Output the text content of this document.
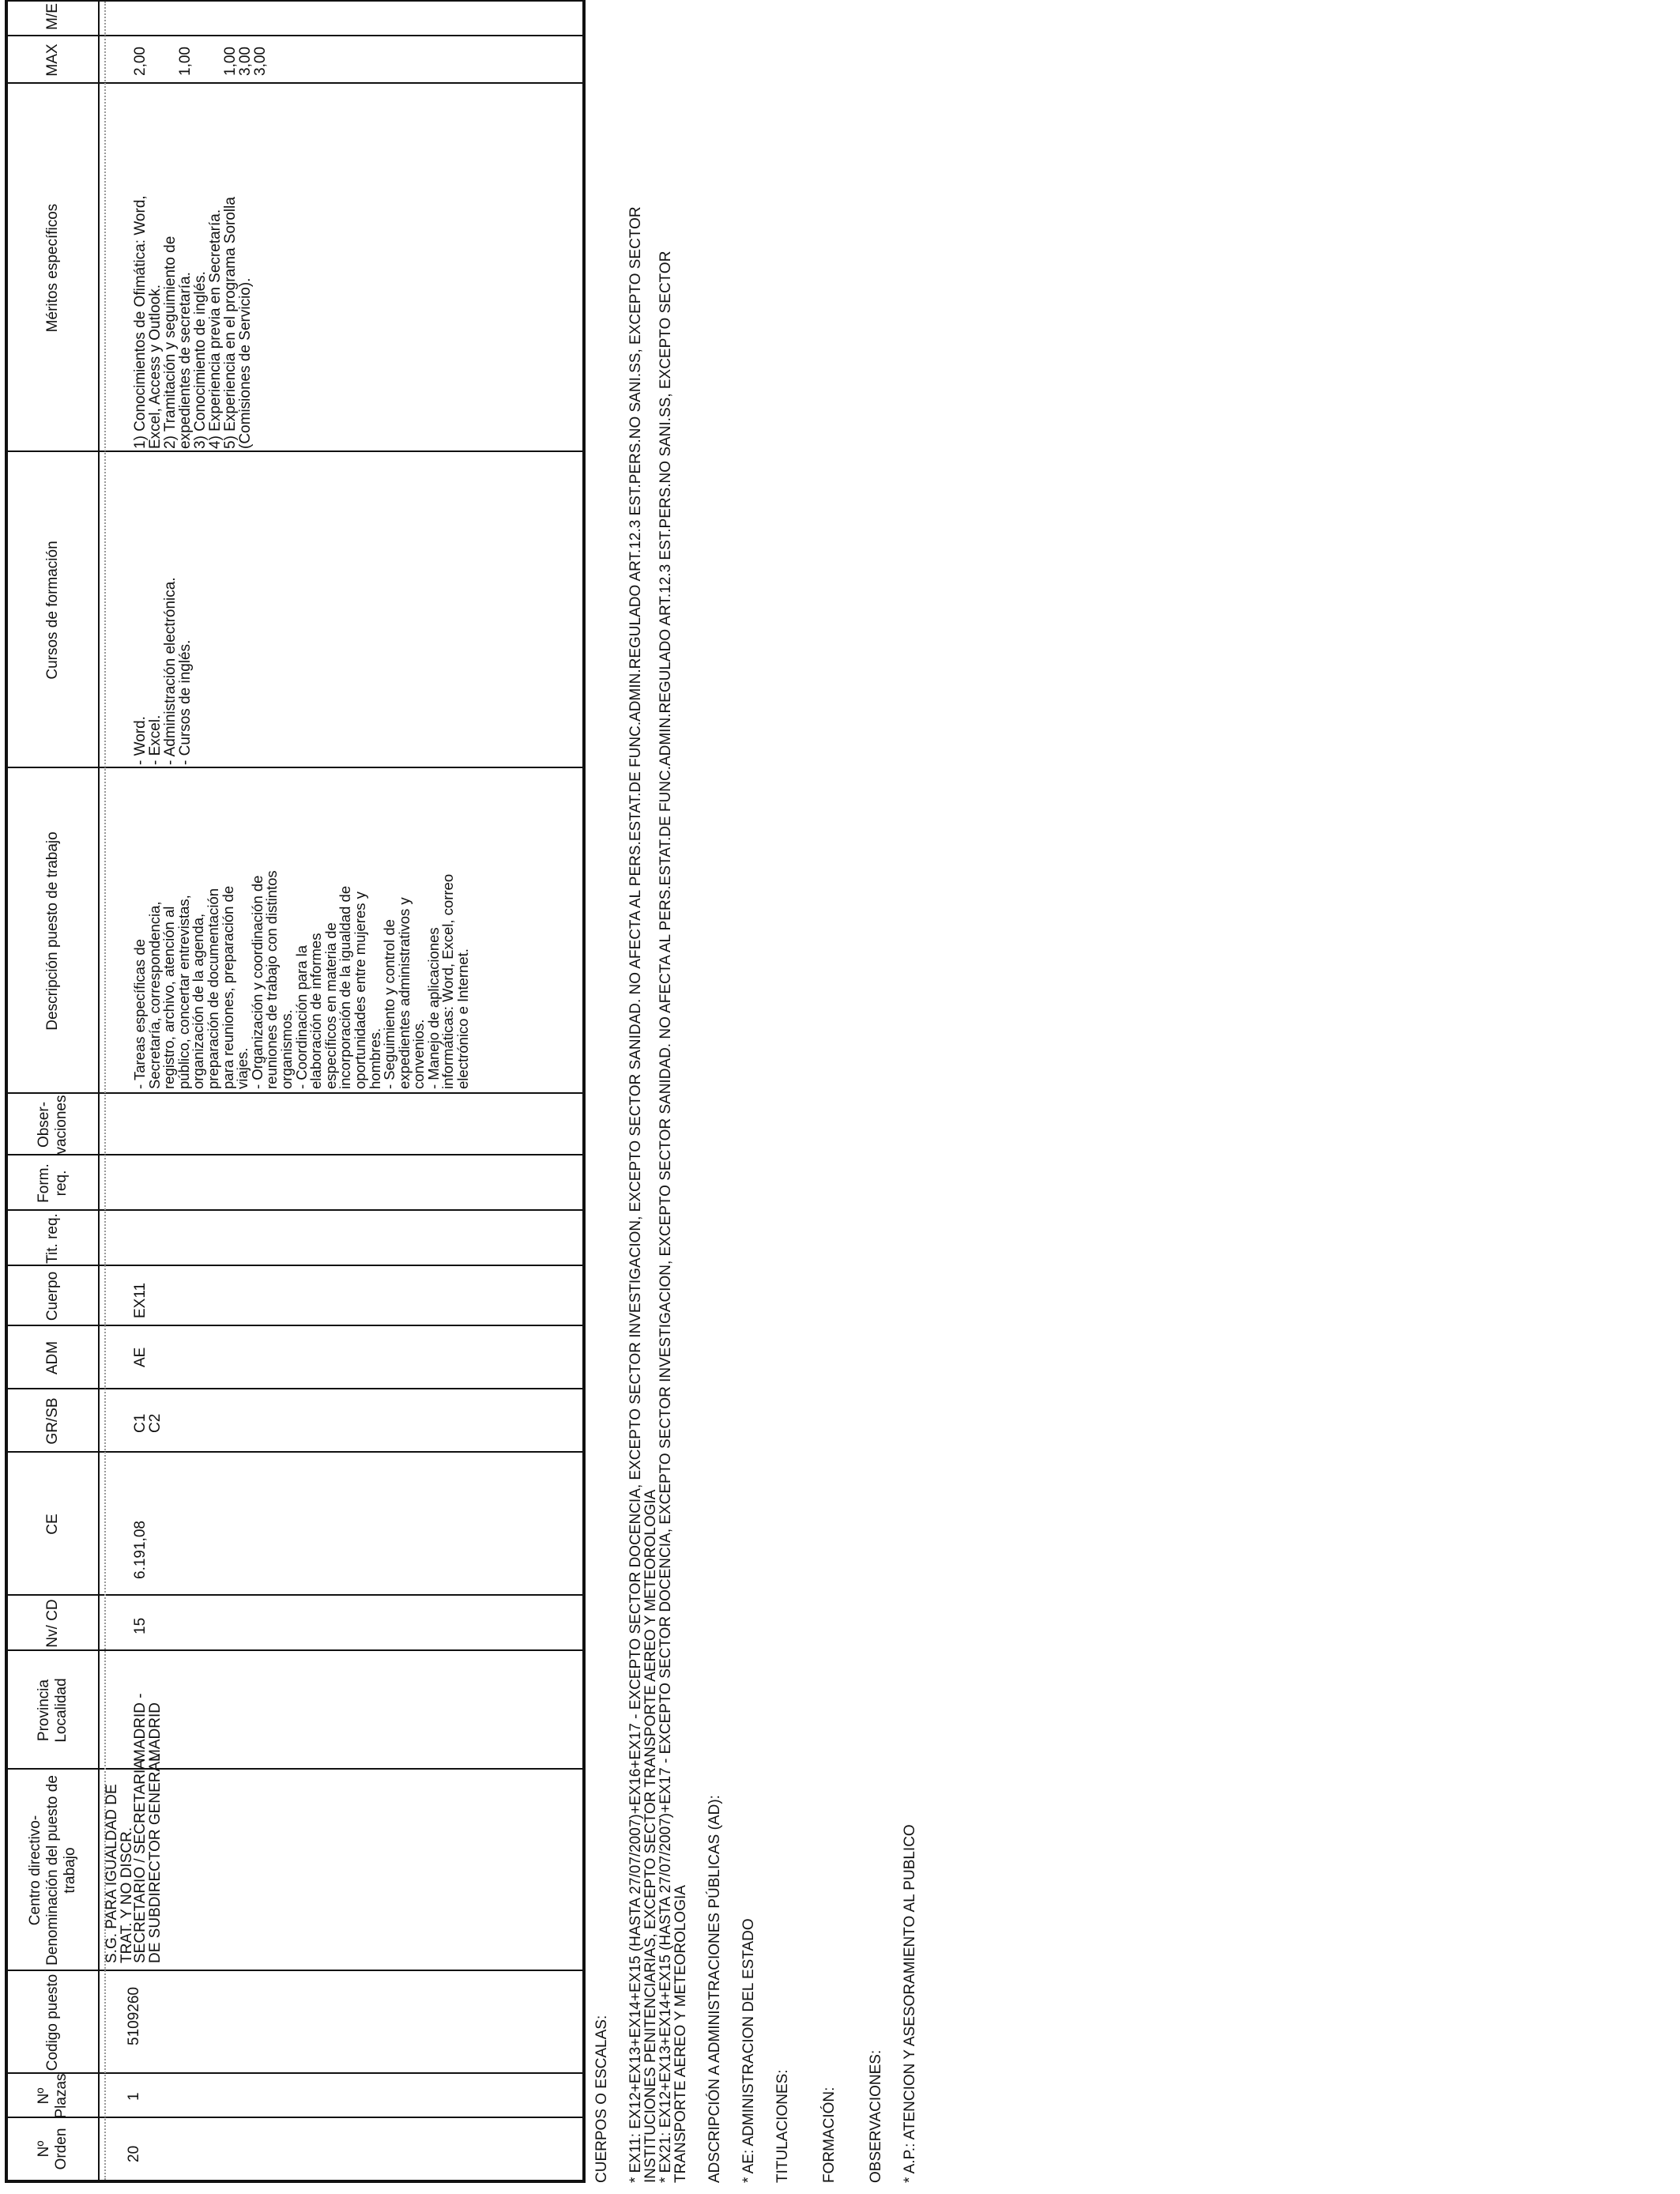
Nº Orden
Nº Plazas
Codigo puesto
Centro directivo- Denominación del puesto de trabajo
Provincia Localidad
Nv/ CD
CE
GR/SB
ADM
Cuerpo
Tit. req.
Form. req.
Obser- vaciones
Descripción puesto de trabajo
Cursos de formación
Méritos específicos
MAX
M/E
20
1
5109260
S.G. PARA IGUALDAD DE
TRAT. Y NO DISCR.
SECRETARIO / SECRETARIA
DE SUBDIRECTOR GENERAL
MADRID -
MADRID
15
6.191,08
C1
C2
AE
EX11
- Tareas específicas de
Secretaría, correspondencia,
registro, archivo, atención al
público, concertar entrevistas,
organización de la agenda,
preparación de documentación
para reuniones, preparación de
viajes.
- Organización y coordinación de
reuniones de trabajo con distintos
organismos.
- Coordinación para la
elaboración de informes
específicos en materia de
incorporación de la igualdad de
oportunidades entre mujeres y
hombres.
- Seguimiento y control de
expedientes administrativos y
convenios.
- Manejo de aplicaciones
informáticas: Word, Excel, correo
electrónico e Internet.
- Word.
- Excel.
- Administración electrónica.
- Cursos de inglés.
1) Conocimientos de Ofimática: Word,
Excel, Access y Outlook.
2) Tramitación y seguimiento de
expedientes de secretaría.
3) Conocimiento de inglés.
4) Experiencia previa en Secretaría.
5) Experiencia en el programa Sorolla
(Comisiones de Servicio).
2,00 1,00 1,00
3,00
3,00

CUERPOS O ESCALAS: * EX11: EX12+EX13+EX14+EX15 (HASTA 27/07/2007)+EX16+EX17 - EXCEPTO SECTOR DOCENCIA, EXCEPTO SECTOR INVESTIGACION, EXCEPTO SECTOR SANIDAD. NO AFECTA AL PERS.ESTAT.DE FUNC.ADMIN.REGULADO ART.12.3 EST.PERS.NO SANI.SS, EXCEPTO SECTOR
INSTITUCIONES PENITENCIARIAS, EXCEPTO SECTOR TRANSPORTE AEREO Y METEOROLOGIA

* EX21: EX12+EX13+EX14+EX15 (HASTA 27/07/2007)+EX17 - EXCEPTO SECTOR DOCENCIA, EXCEPTO SECTOR INVESTIGACION, EXCEPTO SECTOR SANIDAD. NO AFECTA AL PERS.ESTAT.DE FUNC.ADMIN.REGULADO ART.12.3 EST.PERS.NO SANI.SS, EXCEPTO SECTOR
TRANSPORTE AEREO Y METEOROLOGIA ADSCRIPCIÓN A ADMINISTRACIONES PÚBLICAS (AD): * AE: ADMINISTRACION DEL ESTADO TITULACIONES: FORMACIÓN: OBSERVACIONES: * A.P.: ATENCION Y ASESORAMIENTO AL PUBLICO
